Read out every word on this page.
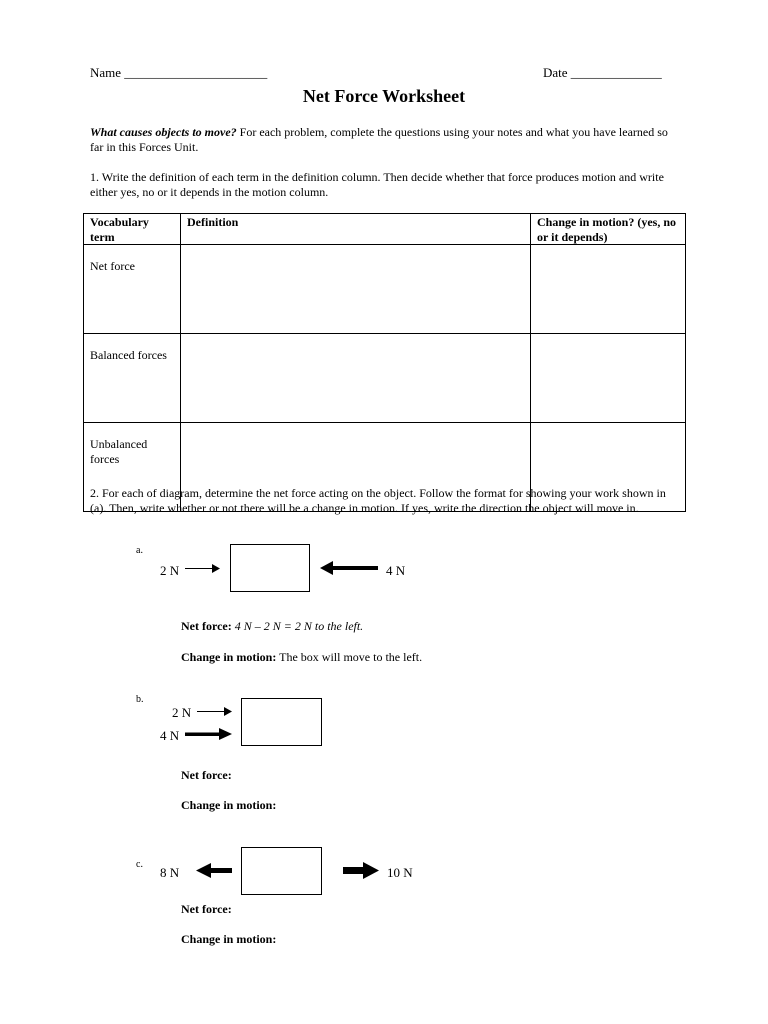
Name ______________________	Date ______________
Net Force Worksheet
What causes objects to move? For each problem, complete the questions using your notes and what you have learned so far in this Forces Unit.
1. Write the definition of each term in the definition column. Then decide whether that force produces motion and write either yes, no or it depends in the motion column.
Vocabulary term	Definition	Change in motion? (yes, no or it depends)
Net force		
Balanced forces		
Unbalanced forces		
2. For each of diagram, determine the net force acting on the object. Follow the format for showing your work shown in (a). Then, write whether or not there will be a change in motion. If yes, write the direction the object will move in.
a.
2 N	4 N
Net force: 4 N – 2 N = 2 N to the left.
Change in motion: The box will move to the left.
b.
2 N
4 N
Net force:
Change in motion:
c.
8 N	10 N
Net force:
Change in motion:
